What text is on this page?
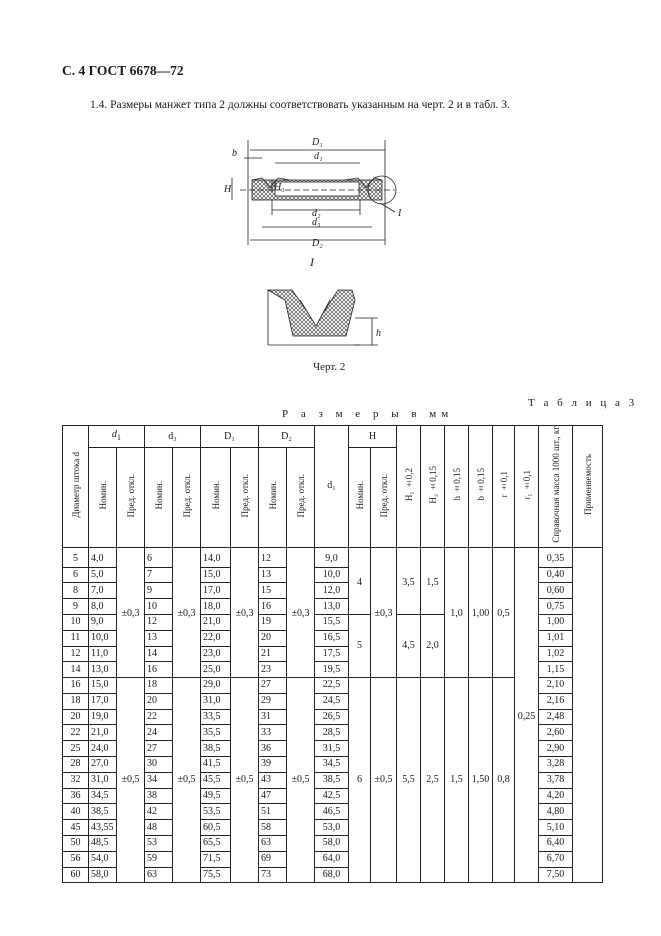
С. 4 ГОСТ 6678—72
1.4. Размеры манжет типа 2 должны соответствовать указанным на черт. 2 и в табл. 3.
D₁
d₁
b
H	H₁
d₂
d₃
D₂
I
I
h
Черт. 2
Т а б л и ц а 3
Р а з м е р ы в мм
Диаметр штока d	$d_1$		d₃		D₁		D₂		d₁	H		H₁ ±0,2	H₂ ±0,15	h ±0,15	b ±0,15	r ±0,1	r₁ ±0,1	Справочная масса 1000 шт., кг	Применяемость
	Номин.	Пред. откл.	Номин.	Пред. откл.	Номин.	Пред. откл.	Номин.	Пред. откл.		Номин.	Пред. откл.								
5	4,0	±0,3	6	±0,3	14,0	±0,3	12	±0,3	9,0	4	±0,3	3,5	1,5	1,0	1,00	0,5	0,25	0,35	
6	5,0		7		15,0		13		10,0									0,40	
8	7,0		9		17,0		15		12,0									0,60	
9	8,0		10		18,0		16		13,0									0,75	
10	9,0		12		21,0		19		15,5	5		4,5	2,0					1,00	
11	10,0		13		22,0		20		16,5									1,01	
12	11,0		14		23,0		21		17,5									1,02	
14	13,0		16		25,0		23		19,5									1,15	
16	15,0	±0,5	18	±0,5	29,0	±0,5	27	±0,5	22,5	6	±0,5	5,5	2,5	1,5	1,50	0,8		2,10	
18	17,0		20		31,0		29		24,5									2,16	
20	19,0		22		33,5		31		26,5									2,48	
22	21,0		24		35,5		33		28,5									2,60	
25	24,0		27		38,5		36		31,5									2,90	
28	27,0		30		41,5		39		34,5									3,28	
32	31,0		34		45,5		43		38,5									3,78	
36	34,5		38		49,5		47		42,5									4,20	
40	38,5		42		53,5		51		46,5									4,80	
45	43,55		48		60,5		58		53,0									5,10	
50	48,5		53		65,5		63		58,0									6,40	
56	54,0		59		71,5		69		64,0									6,70	
60	58,0		63		75,5		73		68,0									7,50	
